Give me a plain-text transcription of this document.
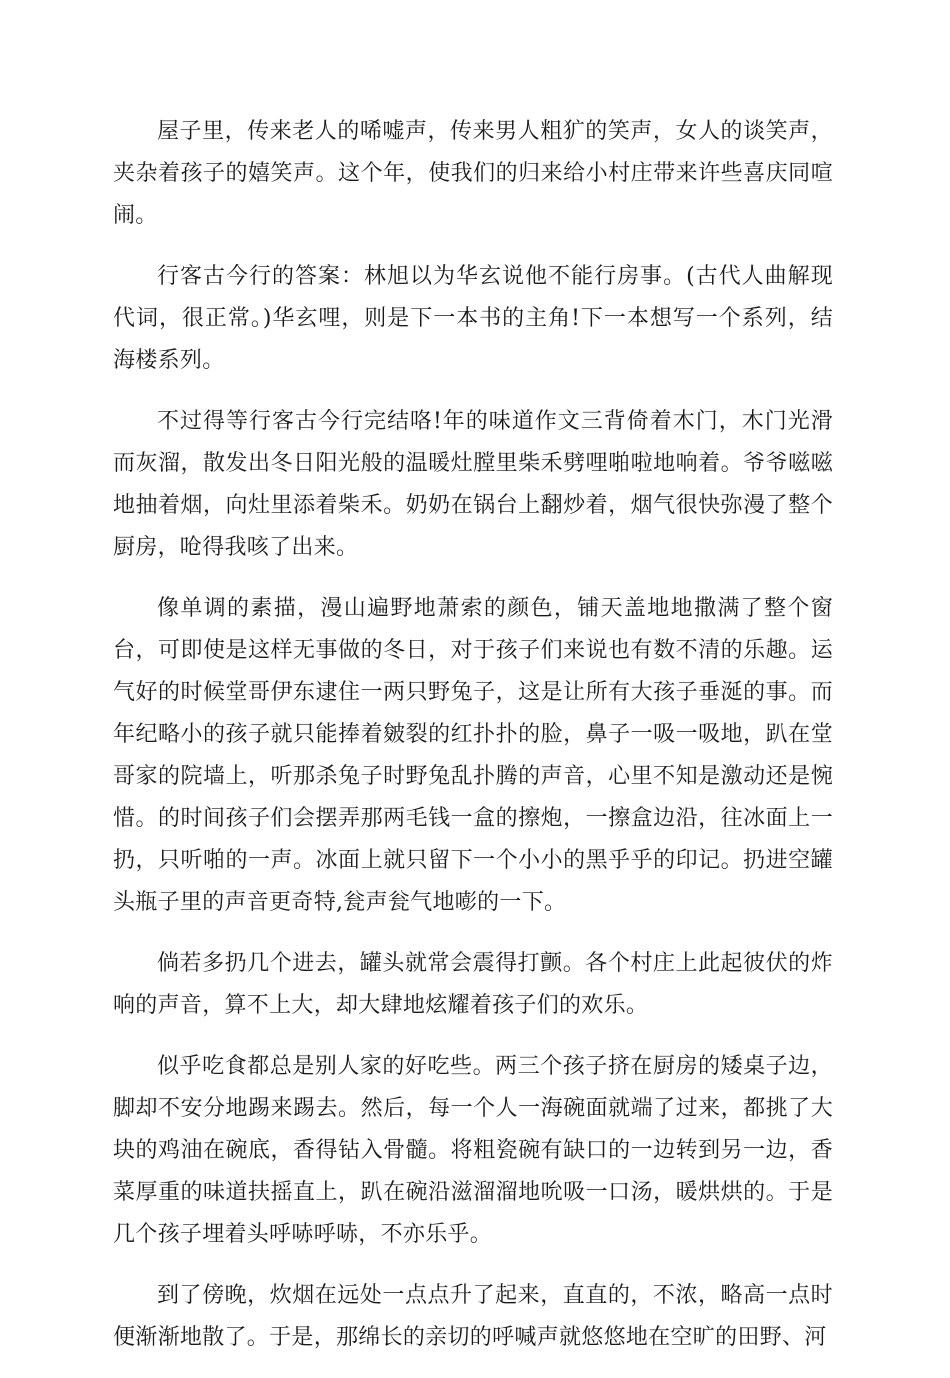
屋子里，传来老人的唏嘘声，传来男人粗犷的笑声，女人的谈笑声，夹杂着孩子的嬉笑声。这个年，使我们的归来给小村庄带来许些喜庆同喧闹。

行客古今行的答案：林旭以为华玄说他不能行房事。(古代人曲解现代词，很正常。)华玄哩，则是下一本书的主角!下一本想写一个系列，结海楼系列。

不过得等行客古今行完结咯!年的味道作文三背倚着木门，木门光滑而灰溜，散发出冬日阳光般的温暖灶膛里柴禾劈哩啪啦地响着。爷爷嗞嗞地抽着烟，向灶里添着柴禾。奶奶在锅台上翻炒着，烟气很快弥漫了整个厨房，呛得我咳了出来。

像单调的素描，漫山遍野地萧索的颜色，铺天盖地地撒满了整个窗台，可即使是这样无事做的冬日，对于孩子们来说也有数不清的乐趣。运气好的时候堂哥伊东逮住一两只野兔子，这是让所有大孩子垂涎的事。而年纪略小的孩子就只能捧着皴裂的红扑扑的脸，鼻子一吸一吸地，趴在堂哥家的院墙上，听那杀兔子时野兔乱扑腾的声音，心里不知是激动还是惋惜。的时间孩子们会摆弄那两毛钱一盒的擦炮，一擦盒边沿，往冰面上一扔，只听啪的一声。冰面上就只留下一个小小的黑乎乎的印记。扔进空罐头瓶子里的声音更奇特,瓮声瓮气地嘭的一下。

倘若多扔几个进去，罐头就常会震得打颤。各个村庄上此起彼伏的炸响的声音，算不上大，却大肆地炫耀着孩子们的欢乐。

似乎吃食都总是别人家的好吃些。两三个孩子挤在厨房的矮桌子边，脚却不安分地踢来踢去。然后，每一个人一海碗面就端了过来，都挑了大块的鸡油在碗底，香得钻入骨髓。将粗瓷碗有缺口的一边转到另一边，香菜厚重的味道扶摇直上，趴在碗沿滋溜溜地吮吸一口汤，暖烘烘的。于是几个孩子埋着头呼哧呼哧，不亦乐乎。

到了傍晚，炊烟在远处一点点升了起来，直直的，不浓，略高一点时便渐渐地散了。于是，那绵长的亲切的呼喊声就悠悠地在空旷的田野、河
